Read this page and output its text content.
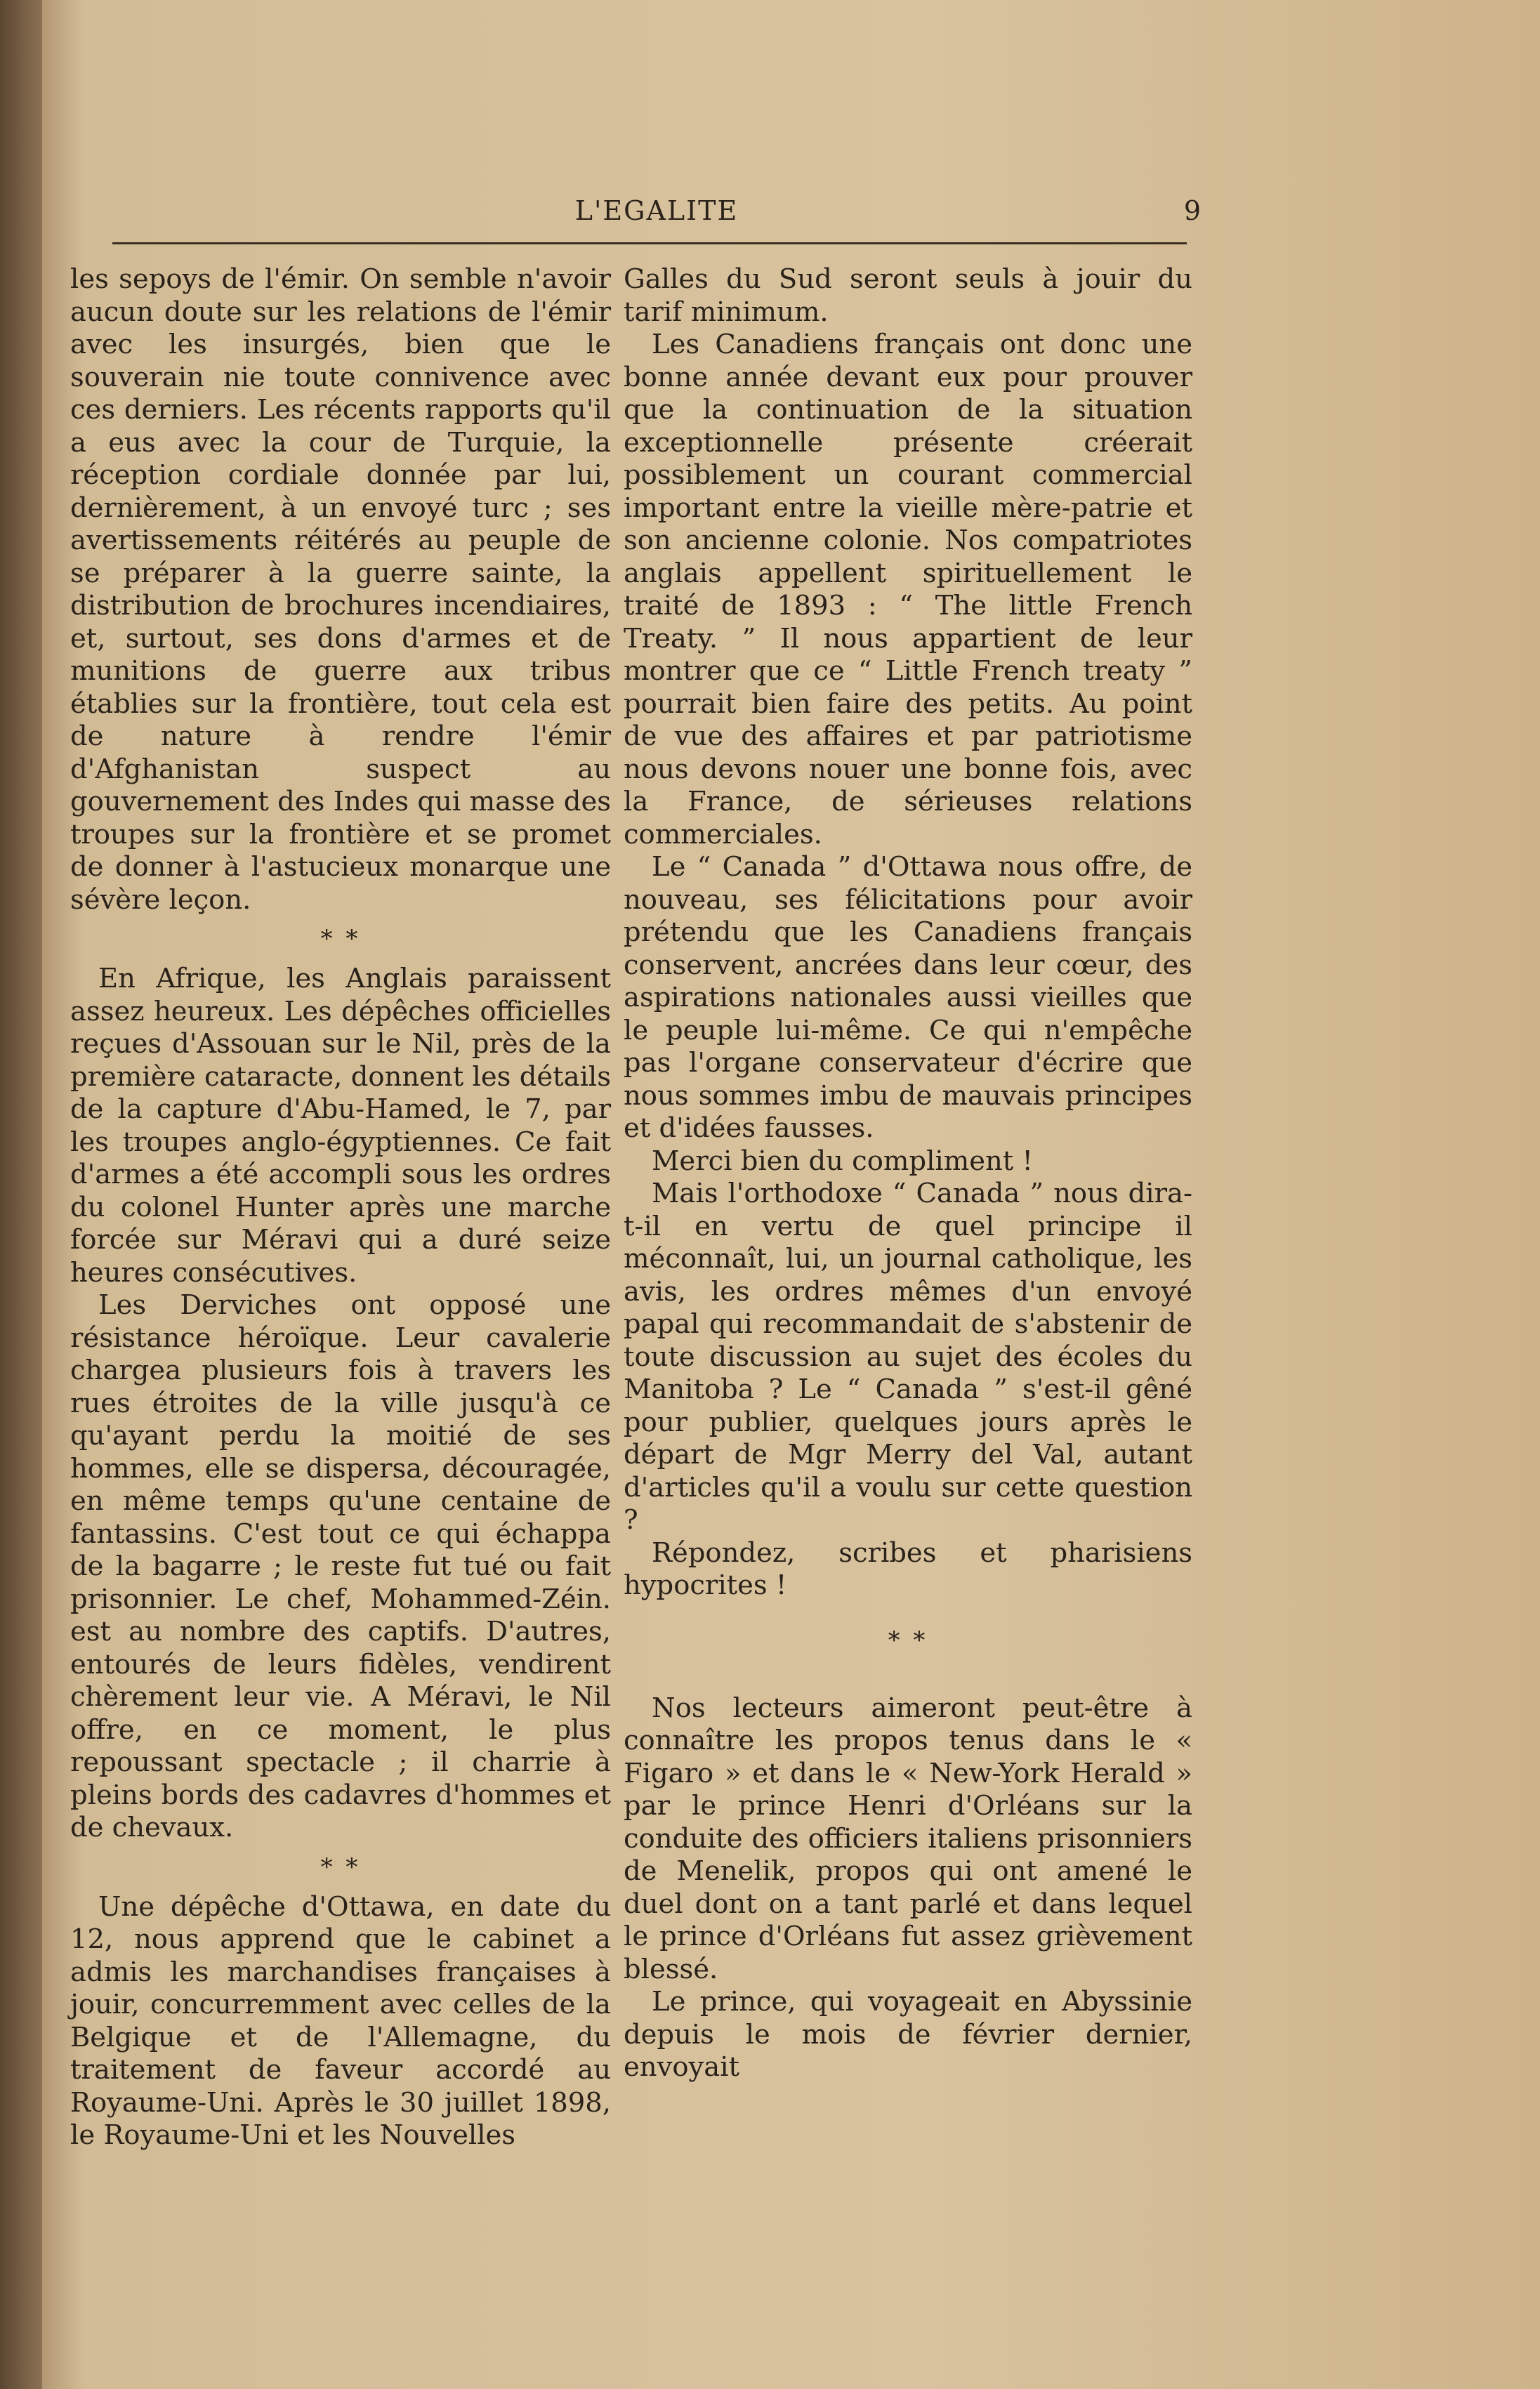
L'EGALITE	9

les sepoys de l'émir. On semble n'avoir aucun doute sur les relations de l'émir avec les insurgés, bien que le souverain nie toute connivence avec ces derniers. Les récents rapports qu'il a eus avec la cour de Turquie, la réception cordiale donnée par lui, dernièrement, à un envoyé turc ; ses avertissements réitérés au peuple de se préparer à la guerre sainte, la distribution de brochures incendiaires, et, surtout, ses dons d'armes et de munitions de guerre aux tribus établies sur la frontière, tout cela est de nature à rendre l'émir d'Afghanistan suspect au gouvernement des Indes qui masse des troupes sur la frontière et se promet de donner à l'astucieux monarque une sévère leçon.

* *

En Afrique, les Anglais paraissent assez heureux. Les dépêches officielles reçues d'Assouan sur le Nil, près de la première cataracte, donnent les détails de la capture d'Abu-Hamed, le 7, par les troupes anglo-égyptiennes. Ce fait d'armes a été accompli sous les ordres du colonel Hunter après une marche forcée sur Méravi qui a duré seize heures consécutives.

Les Derviches ont opposé une résistance héroïque. Leur cavalerie chargea plusieurs fois à travers les rues étroites de la ville jusqu'à ce qu'ayant perdu la moitié de ses hommes, elle se dispersa, découragée, en même temps qu'une centaine de fantassins. C'est tout ce qui échappa de la bagarre ; le reste fut tué ou fait prisonnier. Le chef, Mohammed-Zéin. est au nombre des captifs. D'autres, entourés de leurs fidèles, vendirent chèrement leur vie. A Méravi, le Nil offre, en ce moment, le plus repoussant spectacle ; il charrie à pleins bords des cadavres d'hommes et de chevaux.

* *

Une dépêche d'Ottawa, en date du 12, nous apprend que le cabinet a admis les marchandises françaises à jouir, concurremment avec celles de la Belgique et de l'Allemagne, du traitement de faveur accordé au Royaume-Uni. Après le 30 juillet 1898, le Royaume-Uni et les Nouvelles

Galles du Sud seront seuls à jouir du tarif minimum.

Les Canadiens français ont donc une bonne année devant eux pour prouver que la continuation de la situation exceptionnelle présente créerait possiblement un courant commercial important entre la vieille mère-patrie et son ancienne colonie. Nos compatriotes anglais appellent spirituellement le traité de 1893 : “ The little French Treaty. ” Il nous appartient de leur montrer que ce “ Little French treaty ” pourrait bien faire des petits. Au point de vue des affaires et par patriotisme nous devons nouer une bonne fois, avec la France, de sérieuses relations commerciales.

Le “ Canada ” d'Ottawa nous offre, de nouveau, ses félicitations pour avoir prétendu que les Canadiens français conservent, ancrées dans leur cœur, des aspirations nationales aussi vieilles que le peuple lui-même. Ce qui n'empêche pas l'organe conservateur d'écrire que nous sommes imbu de mauvais principes et d'idées fausses.

Merci bien du compliment !

Mais l'orthodoxe “ Canada ” nous dira-t-il en vertu de quel principe il méconnaît, lui, un journal catholique, les avis, les ordres mêmes d'un envoyé papal qui recommandait de s'abstenir de toute discussion au sujet des écoles du Manitoba ? Le “ Canada ” s'est-il gêné pour publier, quelques jours après le départ de Mgr Merry del Val, autant d'articles qu'il a voulu sur cette question ?

Répondez, scribes et pharisiens hypocrites !

* *

Nos lecteurs aimeront peut-être à connaître les propos tenus dans le « Figaro » et dans le « New-York Herald » par le prince Henri d'Orléans sur la conduite des officiers italiens prisonniers de Menelik, propos qui ont amené le duel dont on a tant parlé et dans lequel le prince d'Orléans fut assez grièvement blessé.

Le prince, qui voyageait en Abyssinie depuis le mois de février dernier, envoyait
